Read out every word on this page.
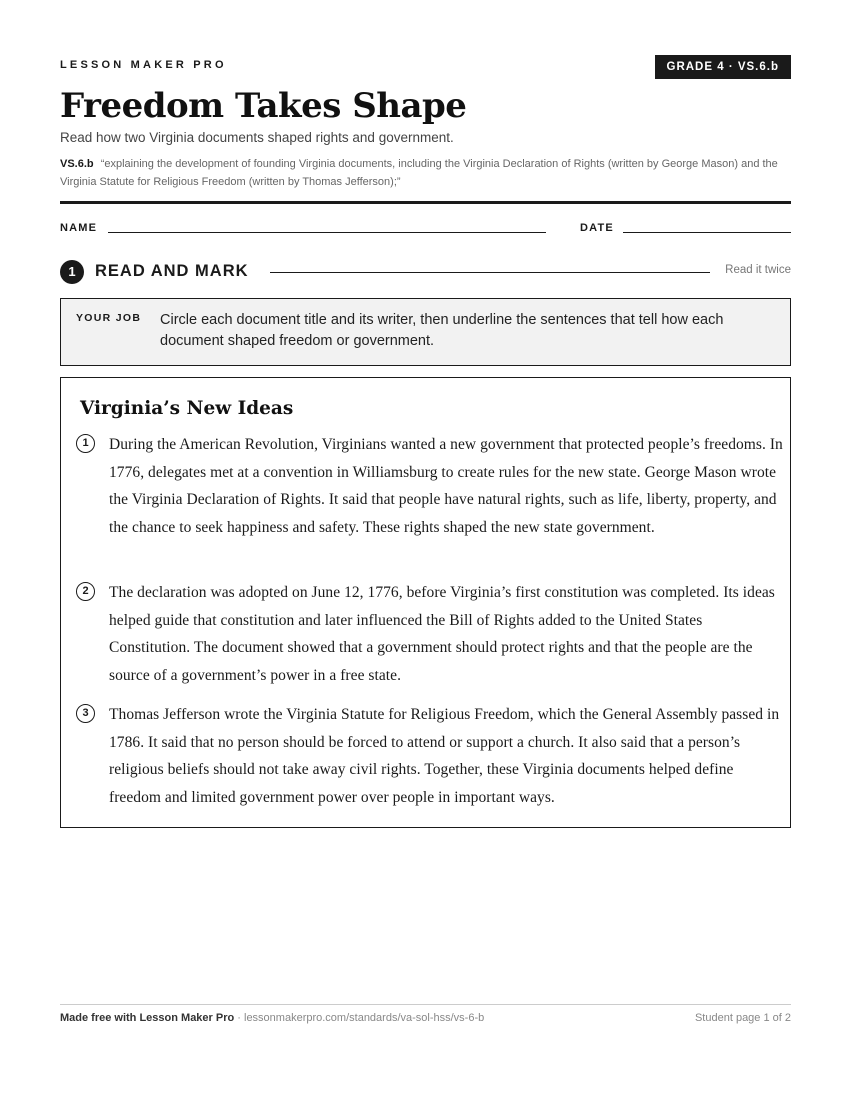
LESSON MAKER PRO	GRADE 4 · VS.6.b
Freedom Takes Shape
Read how two Virginia documents shaped rights and government.
VS.6.b “explaining the development of founding Virginia documents, including the Virginia Declaration of Rights (written by George Mason) and the Virginia Statute for Religious Freedom (written by Thomas Jefferson);”
NAME	DATE
1	READ AND MARK	Read it twice
YOUR JOB Circle each document title and its writer, then underline the sentences that tell how each document shaped freedom or government.
Virginia’s New Ideas
1	During the American Revolution, Virginians wanted a new government that protected people’s freedoms. In 1776, delegates met at a convention in Williamsburg to create rules for the new state. George Mason wrote the Virginia Declaration of Rights. It said that people have natural rights, such as life, liberty, property, and the chance to seek happiness and safety. These rights shaped the new state government.

2	The declaration was adopted on June 12, 1776, before Virginia’s first constitution was completed. Its ideas helped guide that constitution and later influenced the Bill of Rights added to the United States Constitution. The document showed that a government should protect rights and that the people are the source of a government’s power in a free state.

3	Thomas Jefferson wrote the Virginia Statute for Religious Freedom, which the General Assembly passed in 1786. It said that no person should be forced to attend or support a church. It also said that a person’s religious beliefs should not take away civil rights. Together, these Virginia documents helped define freedom and limited government power over people in important ways.

Made free with Lesson Maker Pro · lessonmakerpro.com/standards/va-sol-hss/vs-6-b	Student page 1 of 2
